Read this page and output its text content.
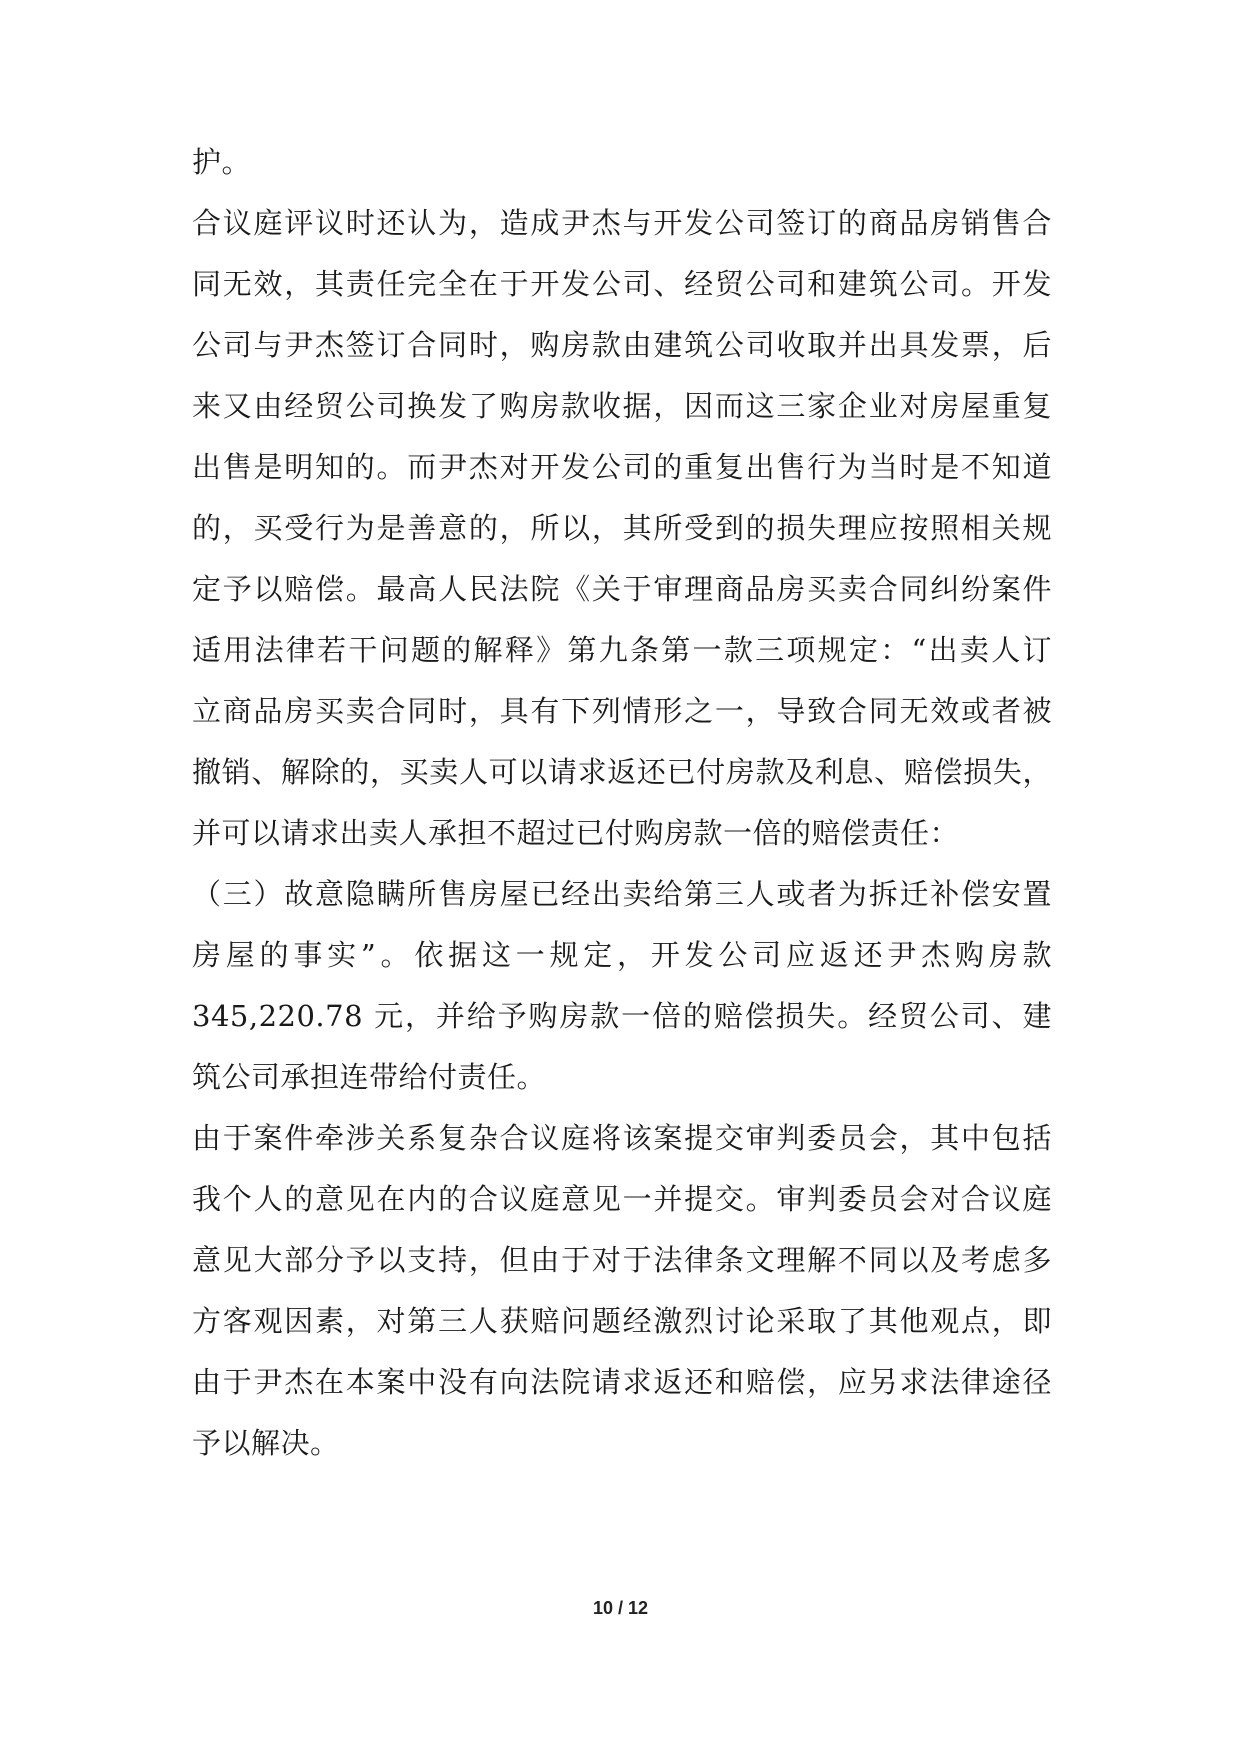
护。
合议庭评议时还认为，造成尹杰与开发公司签订的商品房销售合
同无效，其责任完全在于开发公司、经贸公司和建筑公司。开发
公司与尹杰签订合同时，购房款由建筑公司收取并出具发票，后
来又由经贸公司换发了购房款收据，因而这三家企业对房屋重复
出售是明知的。而尹杰对开发公司的重复出售行为当时是不知道
的，买受行为是善意的，所以，其所受到的损失理应按照相关规
定予以赔偿。最高人民法院《关于审理商品房买卖合同纠纷案件
适用法律若干问题的解释》第九条第一款三项规定：“出卖人订
立商品房买卖合同时，具有下列情形之一，导致合同无效或者被
撤销、解除的，买卖人可以请求返还已付房款及利息、赔偿损失，
并可以请求出卖人承担不超过已付购房款一倍的赔偿责任：
（三）故意隐瞒所售房屋已经出卖给第三人或者为拆迁补偿安置
房屋的事实”。依据这一规定，开发公司应返还尹杰购房款
345,220.78 元，并给予购房款一倍的赔偿损失。经贸公司、建
筑公司承担连带给付责任。
由于案件牵涉关系复杂合议庭将该案提交审判委员会，其中包括
我个人的意见在内的合议庭意见一并提交。审判委员会对合议庭
意见大部分予以支持，但由于对于法律条文理解不同以及考虑多
方客观因素，对第三人获赔问题经激烈讨论采取了其他观点，即
由于尹杰在本案中没有向法院请求返还和赔偿，应另求法律途径
予以解决。
10 / 12
